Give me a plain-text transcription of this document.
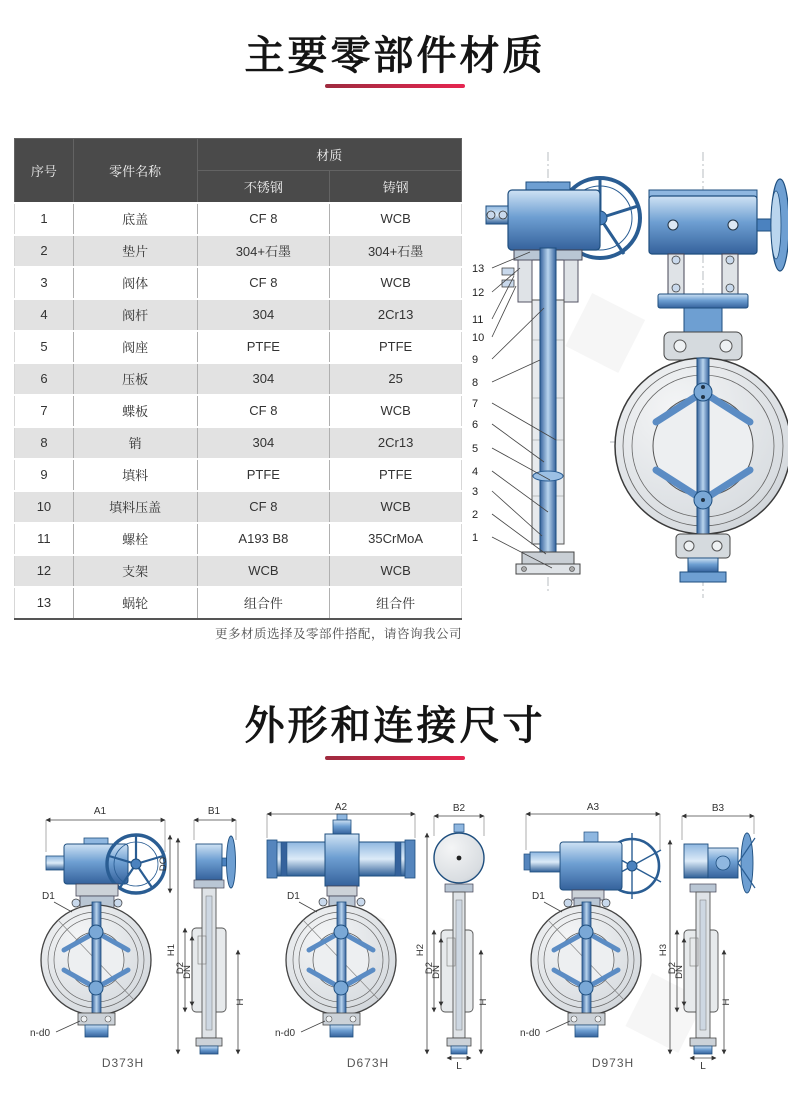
主要零部件材质
序号	零件名称	材质	
		不锈钢	铸钢
1	底盖	CF 8	WCB
2	垫片	304+石墨	304+石墨
3	阀体	CF 8	WCB
4	阀杆	304	2Cr13
5	阀座	PTFE	PTFE
6	压板	304	25
7	蝶板	CF 8	WCB
8	销	304	2Cr13
9	填料	PTFE	PTFE
10	填料压盖	CF 8	WCB
11	螺栓	A193 B8	35CrMoA
12	支架	WCB	WCB
13	蜗轮	组合件	组合件
更多材质选择及零部件搭配，请咨询我公司
13
12
11
10
9
8
7
6
5
4
3
2
1
外形和连接尺寸
A1	B1
DO
H1
D2
DN
H
D1
n-d0
D373H
A2	B2
H2
D2
DN
H
D1
n-d0
L
D673H
A3	B3
H3
D2
DN
H
D1
n-d0
L
D973H
